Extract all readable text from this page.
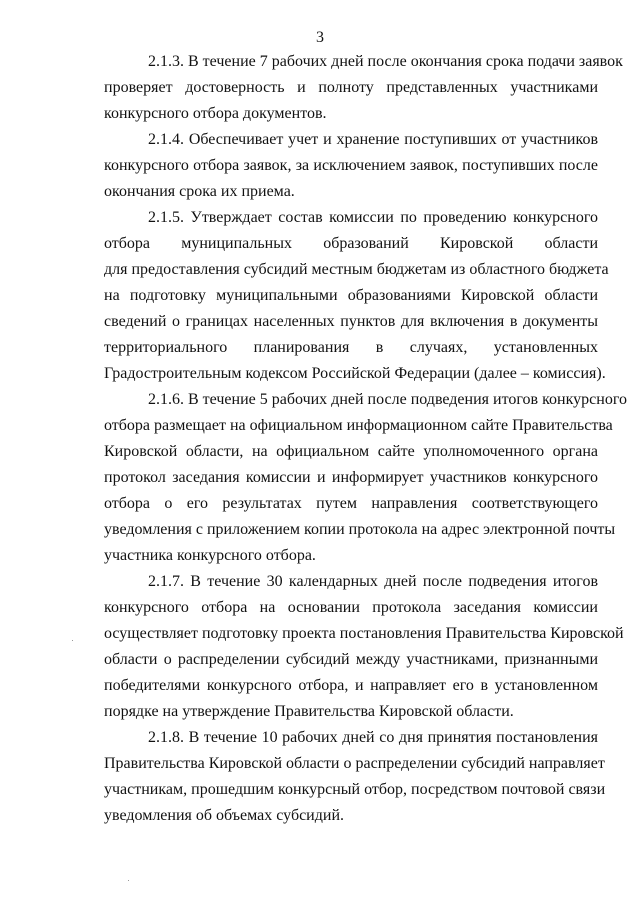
3
2.1.3. В течение 7 рабочих дней после окончания срока подачи заявок
проверяет достоверность и полноту представленных участниками
конкурсного отбора документов.
2.1.4. Обеспечивает учет и хранение поступивших от участников
конкурсного отбора заявок, за исключением заявок, поступивших после
окончания срока их приема.
2.1.5. Утверждает состав комиссии по проведению конкурсного
отбора муниципальных образований Кировской области
для предоставления субсидий местным бюджетам из областного бюджета
на подготовку муниципальными образованиями Кировской области
сведений о границах населенных пунктов для включения в документы
территориального планирования в случаях, установленных
Градостроительным кодексом Российской Федерации (далее – комиссия).
2.1.6. В течение 5 рабочих дней после подведения итогов конкурсного
отбора размещает на официальном информационном сайте Правительства
Кировской области, на официальном сайте уполномоченного органа
протокол заседания комиссии и информирует участников конкурсного
отбора о его результатах путем направления соответствующего
уведомления с приложением копии протокола на адрес электронной почты
участника конкурсного отбора.
2.1.7. В течение 30 календарных дней после подведения итогов
конкурсного отбора на основании протокола заседания комиссии
осуществляет подготовку проекта постановления Правительства Кировской
области о распределении субсидий между участниками, признанными
победителями конкурсного отбора, и направляет его в установленном
порядке на утверждение Правительства Кировской области.
2.1.8. В течение 10 рабочих дней со дня принятия постановления
Правительства Кировской области о распределении субсидий направляет
участникам, прошедшим конкурсный отбор, посредством почтовой связи
уведомления об объемах субсидий.
